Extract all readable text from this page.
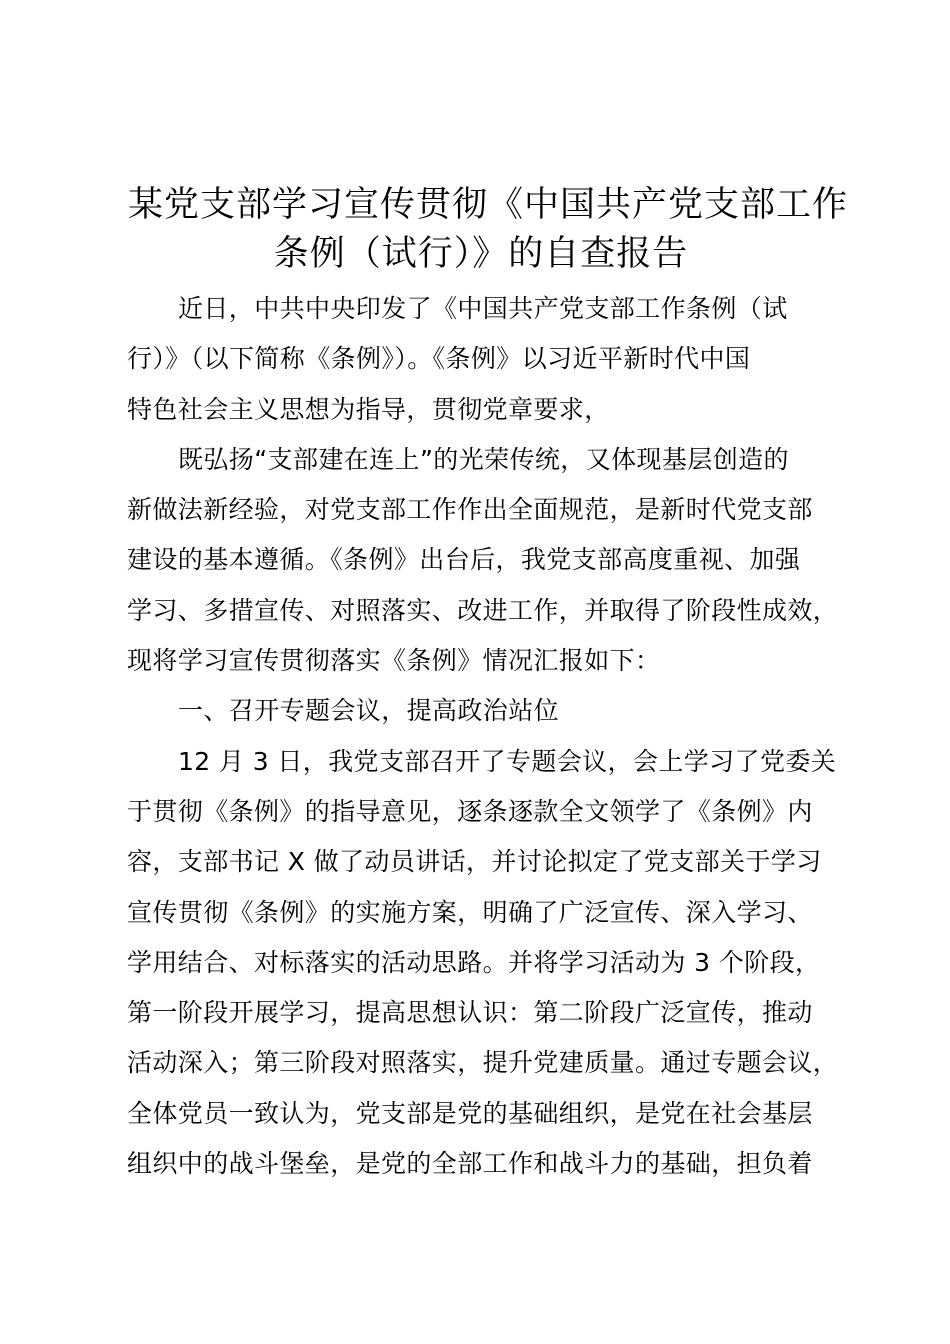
某党支部学习宣传贯彻《中国共产党支部工作
条例（试行）》的自查报告
近日，中共中央印发了《中国共产党支部工作条例（试
行）》（以下简称《条例》）。《条例》以习近平新时代中国
特色社会主义思想为指导，贯彻党章要求，
既弘扬“支部建在连上”的光荣传统，又体现基层创造的
新做法新经验，对党支部工作作出全面规范，是新时代党支部
建设的基本遵循。《条例》出台后，我党支部高度重视、加强
学习、多措宣传、对照落实、改进工作，并取得了阶段性成效，
现将学习宣传贯彻落实《条例》情况汇报如下：
一、召开专题会议，提高政治站位
12 月 3 日，我党支部召开了专题会议，会上学习了党委关
于贯彻《条例》的指导意见，逐条逐款全文领学了《条例》内
容，支部书记 X 做了动员讲话，并讨论拟定了党支部关于学习
宣传贯彻《条例》的实施方案，明确了广泛宣传、深入学习、
学用结合、对标落实的活动思路。并将学习活动为 3 个阶段，
第一阶段开展学习，提高思想认识：第二阶段广泛宣传，推动
活动深入；第三阶段对照落实，提升党建质量。通过专题会议，
全体党员一致认为，党支部是党的基础组织，是党在社会基层
组织中的战斗堡垒，是党的全部工作和战斗力的基础，担负着
